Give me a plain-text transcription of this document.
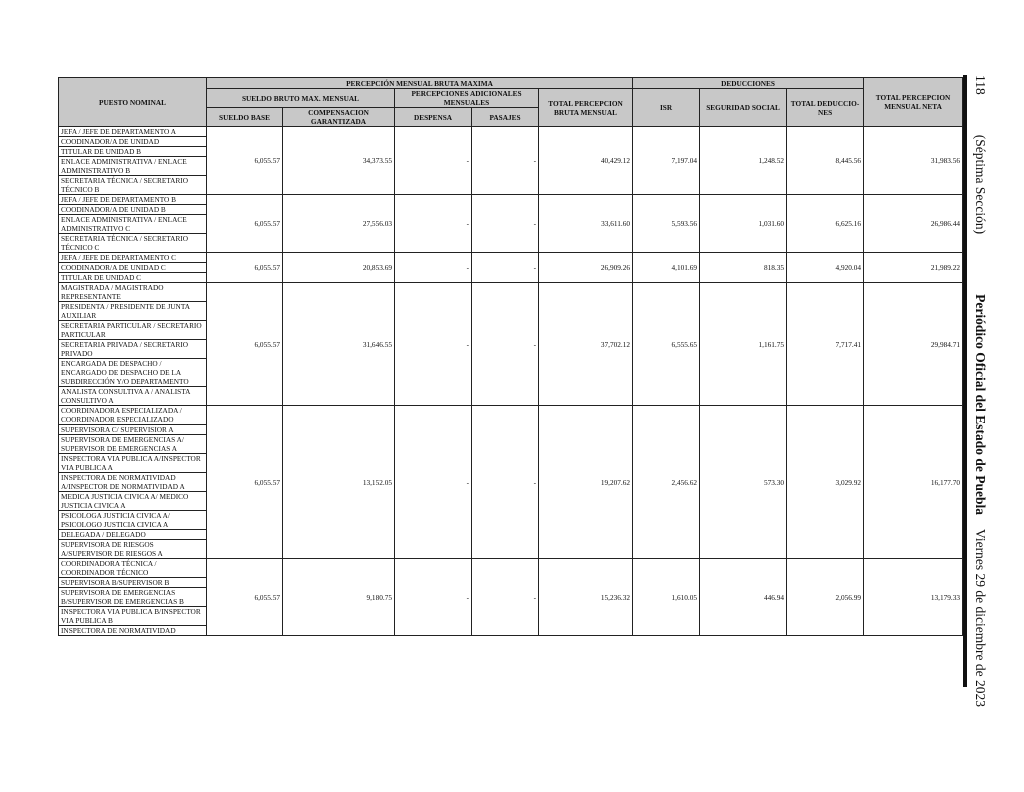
PUESTO NOMINAL	PERCEPCIÓN MENSUAL BRUTA MAXIMA					DEDUCCIONES			TOTAL PERCEPCION MENSUAL NETA
	SUELDO BRUTO MAX. MENSUAL		PERCEPCIONES ADICIONALES MENSUALES		TOTAL PERCEPCION BRUTA MENSUAL	ISR	SEGURIDAD SOCIAL	TOTAL DEDUCCIO-NES	
	SUELDO BASE	COMPENSACION GARANTIZADA	DESPENSA	PASAJES					
JEFA / JEFE DE DEPARTAMENTO A	6,055.57	34,373.55	-	-	40,429.12	7,197.04	1,248.52	8,445.56	31,983.56
COODINADOR/A DE UNIDAD									
TITULAR DE UNIDAD B									
ENLACE ADMINISTRATIVA / ENLACE ADMINISTRATIVO B									
SECRETARIA TÉCNICA / SECRETARIO TÉCNICO B									
JEFA / JEFE DE DEPARTAMENTO B	6,055.57	27,556.03	-	-	33,611.60	5,593.56	1,031.60	6,625.16	26,986.44
COODINADOR/A DE UNIDAD B									
ENLACE ADMINISTRATIVA / ENLACE ADMINISTRATIVO C									
SECRETARIA TÉCNICA / SECRETARIO TÉCNICO C									
JEFA / JEFE DE DEPARTAMENTO C	6,055.57	20,853.69	-	-	26,909.26	4,101.69	818.35	4,920.04	21,989.22
COODINADOR/A DE UNIDAD C									
TITULAR DE UNIDAD C									
MAGISTRADA / MAGISTRADO REPRESENTANTE	6,055.57	31,646.55	-	-	37,702.12	6,555.65	1,161.75	7,717.41	29,984.71
PRESIDENTA / PRESIDENTE DE JUNTA AUXILIAR									
SECRETARIA PARTICULAR / SECRETARIO PARTICULAR									
SECRETARIA PRIVADA / SECRETARIO PRIVADO									
ENCARGADA DE DESPACHO / ENCARGADO DE DESPACHO DE LA SUBDIRECCIÓN Y/O DEPARTAMENTO									
ANALISTA CONSULTIVA A / ANALISTA CONSULTIVO A									
COORDINADORA ESPECIALIZADA / COORDINADOR ESPECIALIZADO	6,055.57	13,152.05	-	-	19,207.62	2,456.62	573.30	3,029.92	16,177.70
SUPERVISORA C/ SUPERVISIOR A									
SUPERVISORA DE EMERGENCIAS A/ SUPERVISOR DE EMERGENCIAS A									
INSPECTORA VIA PUBLICA A/INSPECTOR VIA PUBLICA A									
INSPECTORA DE NORMATIVIDAD A/INSPECTOR DE NORMATIVIDAD A									
MEDICA JUSTICIA CIVICA A/ MEDICO JUSTICIA CIVICA A									
PSICOLOGA JUSTICIA CIVICA A/ PSICOLOGO JUSTICIA CIVICA A									
DELEGADA / DELEGADO									
SUPERVISORA DE RIESGOS A/SUPERVISOR DE RIESGOS A									
COORDINADORA TÉCNICA / COORDINADOR TÉCNICO	6,055.57	9,180.75	-	-	15,236.32	1,610.05	446.94	2,056.99	13,179.33
SUPERVISORA B/SUPERVISOR B									
SUPERVISORA DE EMERGENCIAS B/SUPERVISOR DE EMERGENCIAS B									
INSPECTORA VIA PUBLICA B/INSPECTOR VIA PUBLICA B									
INSPECTORA DE NORMATIVIDAD									
118
(Séptima Sección)
Periódico Oficial del Estado de Puebla
Viernes 29 de diciembre de 2023
